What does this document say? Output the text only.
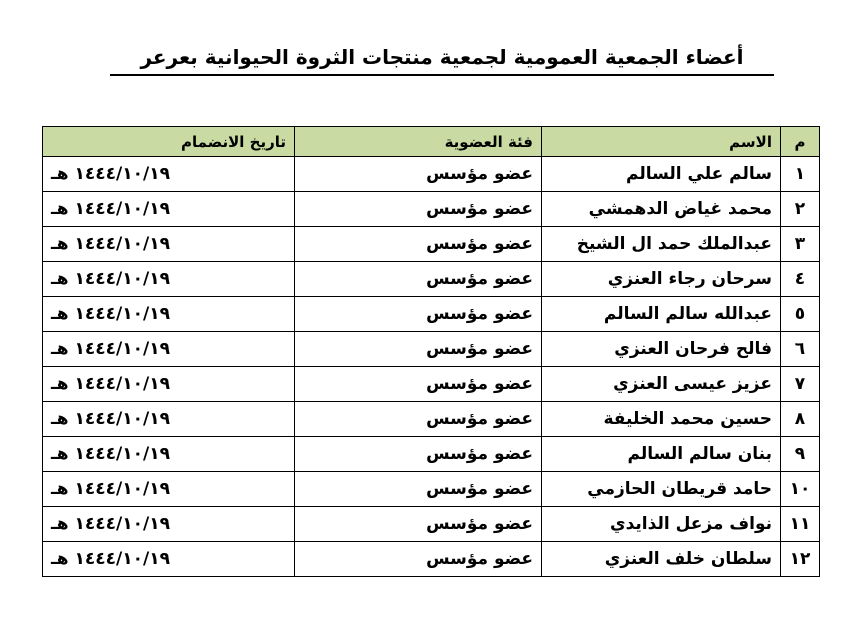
أعضاء الجمعية العمومية لجمعية منتجات الثروة الحيوانية بعرعر
م	الاسم	فئة العضوية	تاريخ الانضمام
١	سالم علي السالم	عضو مؤسس	١٤٤٤/١٠/١٩ هـ
٢	محمد غياض الدهمشي	عضو مؤسس	١٤٤٤/١٠/١٩ هـ
٣	عبدالملك حمد ال الشيخ	عضو مؤسس	١٤٤٤/١٠/١٩ هـ
٤	سرحان رجاء العنزي	عضو مؤسس	١٤٤٤/١٠/١٩ هـ
٥	عبدالله سالم السالم	عضو مؤسس	١٤٤٤/١٠/١٩ هـ
٦	فالح فرحان العنزي	عضو مؤسس	١٤٤٤/١٠/١٩ هـ
٧	عزيز عيسى العنزي	عضو مؤسس	١٤٤٤/١٠/١٩ هـ
٨	حسين محمد الخليفة	عضو مؤسس	١٤٤٤/١٠/١٩ هـ
٩	بنان سالم السالم	عضو مؤسس	١٤٤٤/١٠/١٩ هـ
١٠	حامد قريطان الحازمي	عضو مؤسس	١٤٤٤/١٠/١٩ هـ
١١	نواف مزعل الذايدي	عضو مؤسس	١٤٤٤/١٠/١٩ هـ
١٢	سلطان خلف العنزي	عضو مؤسس	١٤٤٤/١٠/١٩ هـ
